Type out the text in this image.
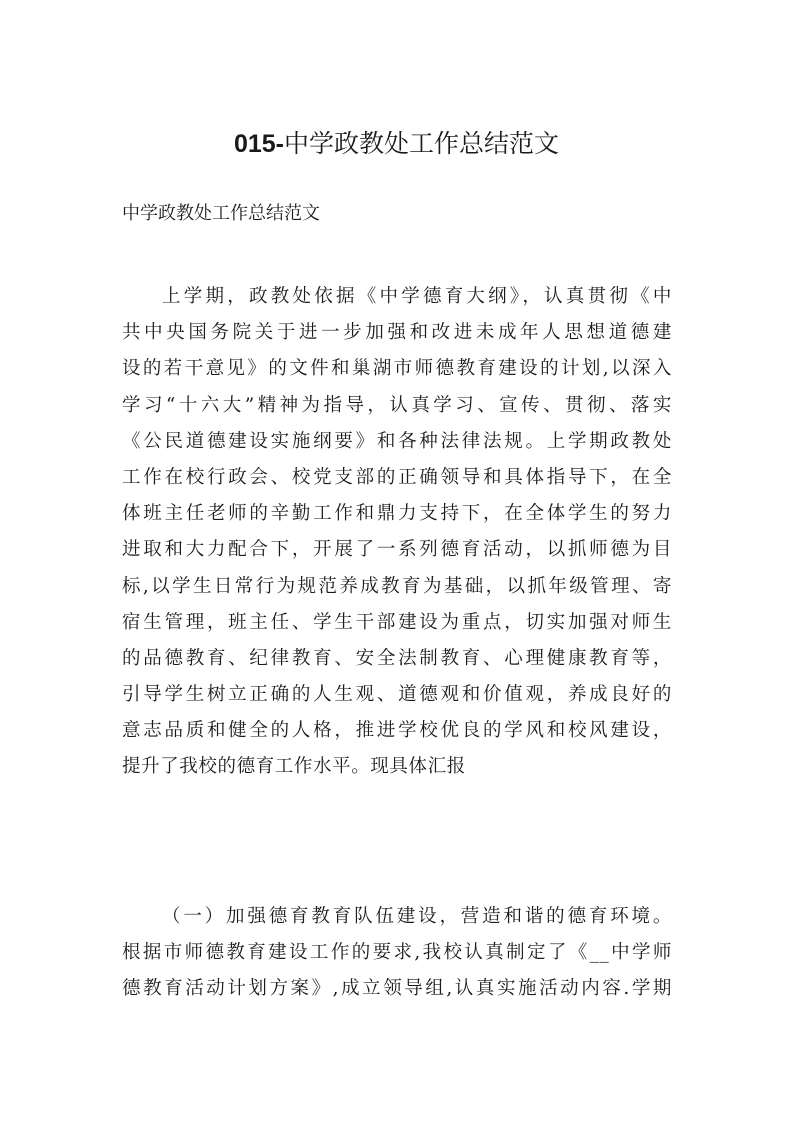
015-中学政教处工作总结范文

中学政教处工作总结范文

上学期，政教处依据《中学德育大纲》，认真贯彻《中
共中央国务院关于进一步加强和改进未成年人思想道德建
设的若干意见》的文件和巢湖市师德教育建设的计划,以深入
学习“十六大”精神为指导，认真学习、宣传、贯彻、落实
《公民道德建设实施纲要》和各种法律法规。上学期政教处
工作在校行政会、校党支部的正确领导和具体指导下，在全
体班主任老师的辛勤工作和鼎力支持下，在全体学生的努力
进取和大力配合下，开展了一系列德育活动，以抓师德为目
标,以学生日常行为规范养成教育为基础，以抓年级管理、寄
宿生管理，班主任、学生干部建设为重点，切实加强对师生
的品德教育、纪律教育、安全法制教育、心理健康教育等，
引导学生树立正确的人生观、道德观和价值观，养成良好的
意志品质和健全的人格，推进学校优良的学风和校风建设，
提升了我校的德育工作水平。现具体汇报
（一）加强德育教育队伍建设，营造和谐的德育环境。
根据市师德教育建设工作的要求,我校认真制定了《__中学师
德教育活动计划方案》,成立领导组,认真实施活动内容.学期
